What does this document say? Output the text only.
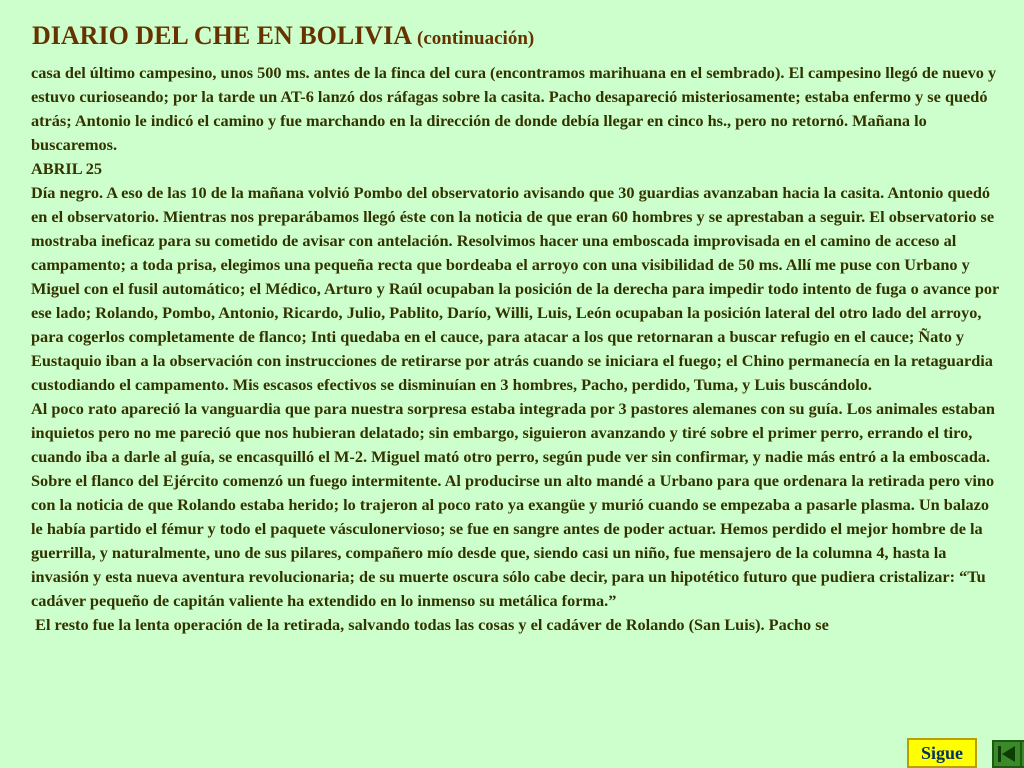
DIARIO DEL CHE EN BOLIVIA (continuación)

casa del último campesino, unos 500 ms. antes de la finca del cura (encontramos marihuana en el sembrado). El campesino llegó de nuevo y estuvo curioseando; por la tarde un AT-6 lanzó dos ráfagas sobre la casita. Pacho desapareció misteriosamente; estaba enfermo y se quedó atrás; Antonio le indicó el camino y fue marchando en la dirección de donde debía llegar en cinco hs., pero no retornó. Mañana lo buscaremos.

ABRIL 25

Día negro. A eso de las 10 de la mañana volvió Pombo del observatorio avisando que 30 guardias avanzaban hacia la casita. Antonio quedó en el observatorio. Mientras nos preparábamos llegó éste con la noticia de que eran 60 hombres y se aprestaban a seguir. El observatorio se mostraba ineficaz para su cometido de avisar con antelación. Resolvimos hacer una emboscada improvisada en el camino de acceso al campamento; a toda prisa, elegimos una pequeña recta que bordeaba el arroyo con una visibilidad de 50 ms. Allí me puse con Urbano y Miguel con el fusil automático; el Médico, Arturo y Raúl ocupaban la posición de la derecha para impedir todo intento de fuga o avance por ese lado; Rolando, Pombo, Antonio, Ricardo, Julio, Pablito, Darío, Willi, Luis, León ocupaban la posición lateral del otro lado del arroyo, para cogerlos completamente de flanco; Inti quedaba en el cauce, para atacar a los que retornaran a buscar refugio en el cauce; Ñato y Eustaquio iban a la observación con instrucciones de retirarse por atrás cuando se iniciara el fuego; el Chino permanecía en la retaguardia custodiando el campamento. Mis escasos efectivos se disminuían en 3 hombres, Pacho, perdido, Tuma, y Luis buscándolo.

Al poco rato apareció la vanguardia que para nuestra sorpresa estaba integrada por 3 pastores alemanes con su guía. Los animales estaban inquietos pero no me pareció que nos hubieran delatado; sin embargo, siguieron avanzando y tiré sobre el primer perro, errando el tiro, cuando iba a darle al guía, se encasquilló el M-2. Miguel mató otro perro, según pude ver sin confirmar, y nadie más entró a la emboscada. Sobre el flanco del Ejército comenzó un fuego intermitente. Al producirse un alto mandé a Urbano para que ordenara la retirada pero vino con la noticia de que Rolando estaba herido; lo trajeron al poco rato ya exangüe y murió cuando se empezaba a pasarle plasma. Un balazo le había partido el fémur y todo el paquete vásculonervioso; se fue en sangre antes de poder actuar. Hemos perdido el mejor hombre de la guerrilla, y naturalmente, uno de sus pilares, compañero mío desde que, siendo casi un niño, fue mensajero de la columna 4, hasta la invasión y esta nueva aventura revolucionaria; de su muerte oscura sólo cabe decir, para un hipotético futuro que pudiera cristalizar: “Tu cadáver pequeño de capitán valiente ha extendido en lo inmenso su metálica forma.”

El resto fue la lenta operación de la retirada, salvando todas las cosas y el cadáver de Rolando (San Luis). Pacho se

Sigue
